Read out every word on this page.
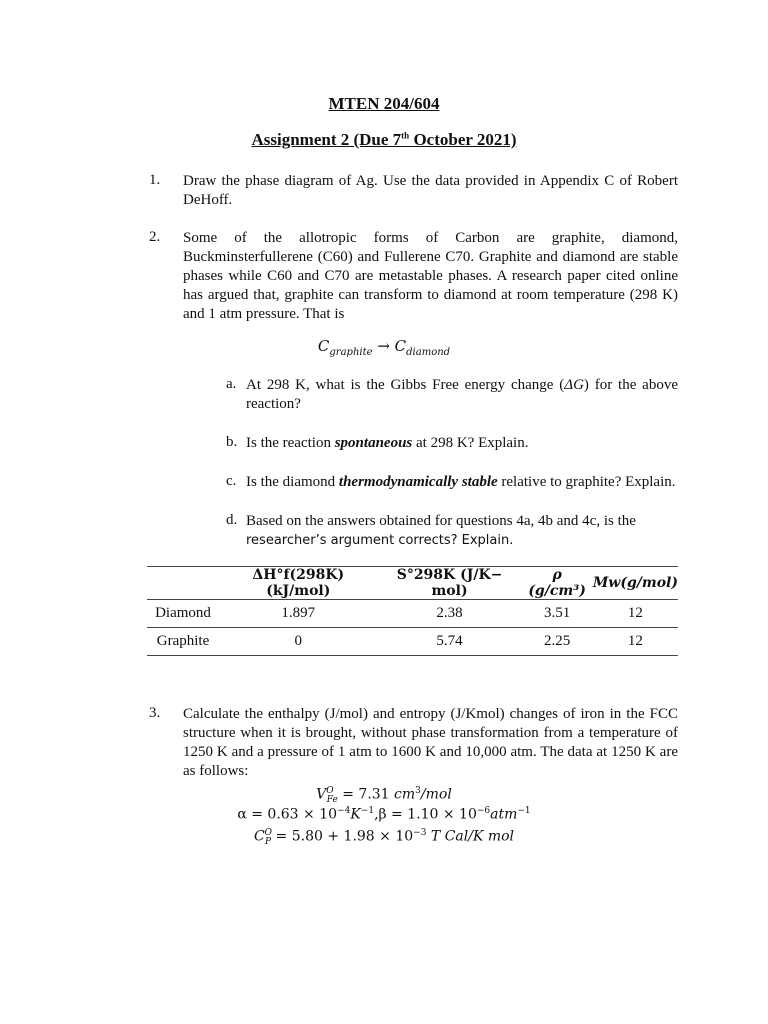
MTEN 204/604
Assignment 2 (Due 7th October 2021)
1. Draw the phase diagram of Ag. Use the data provided in Appendix C of Robert DeHoff.
2. Some of the allotropic forms of Carbon are graphite, diamond, Buckminsterfullerene (C60) and Fullerene C70. Graphite and diamond are stable phases while C60 and C70 are metastable phases. A research paper cited online has argued that, graphite can transform to diamond at room temperature (298 K) and 1 atm pressure. That is
$C_{graphite} \to C_{diamond}$
a. At 298 K, what is the Gibbs Free energy change (ΔG) for the above reaction?
b. Is the reaction spontaneous at 298 K? Explain.
c. Is the diamond thermodynamically stable relative to graphite? Explain.
d. Based on the answers obtained for questions 4a, 4b and 4c, is the
researcher’s argument corrects? Explain.
	ΔH°f(298K) (kJ/mol)	S°298K (J/K− mol)	ρ (g/cm³)	Mw(g/mol)
Diamond	1.897	2.38	3.51	12
Graphite	0	5.74	2.25	12
3. Calculate the enthalpy (J/mol) and entropy (J/Kmol) changes of iron in the FCC structure when it is brought, without phase transformation from a temperature of 1250 K and a pressure of 1 atm to 1600 K and 10,000 atm. The data at 1250 K are as follows:
$V^O_{Fe} = 7.31$ $cm^3$/mol
$\alpha = 0.63 \times 10^{-4}K^{-1},\beta = 1.10 \times 10^{-6}atm^{-1}$
$C^O_P = 5.80 + 1.98 \times 10^{-3}$ T Cal/K mol
